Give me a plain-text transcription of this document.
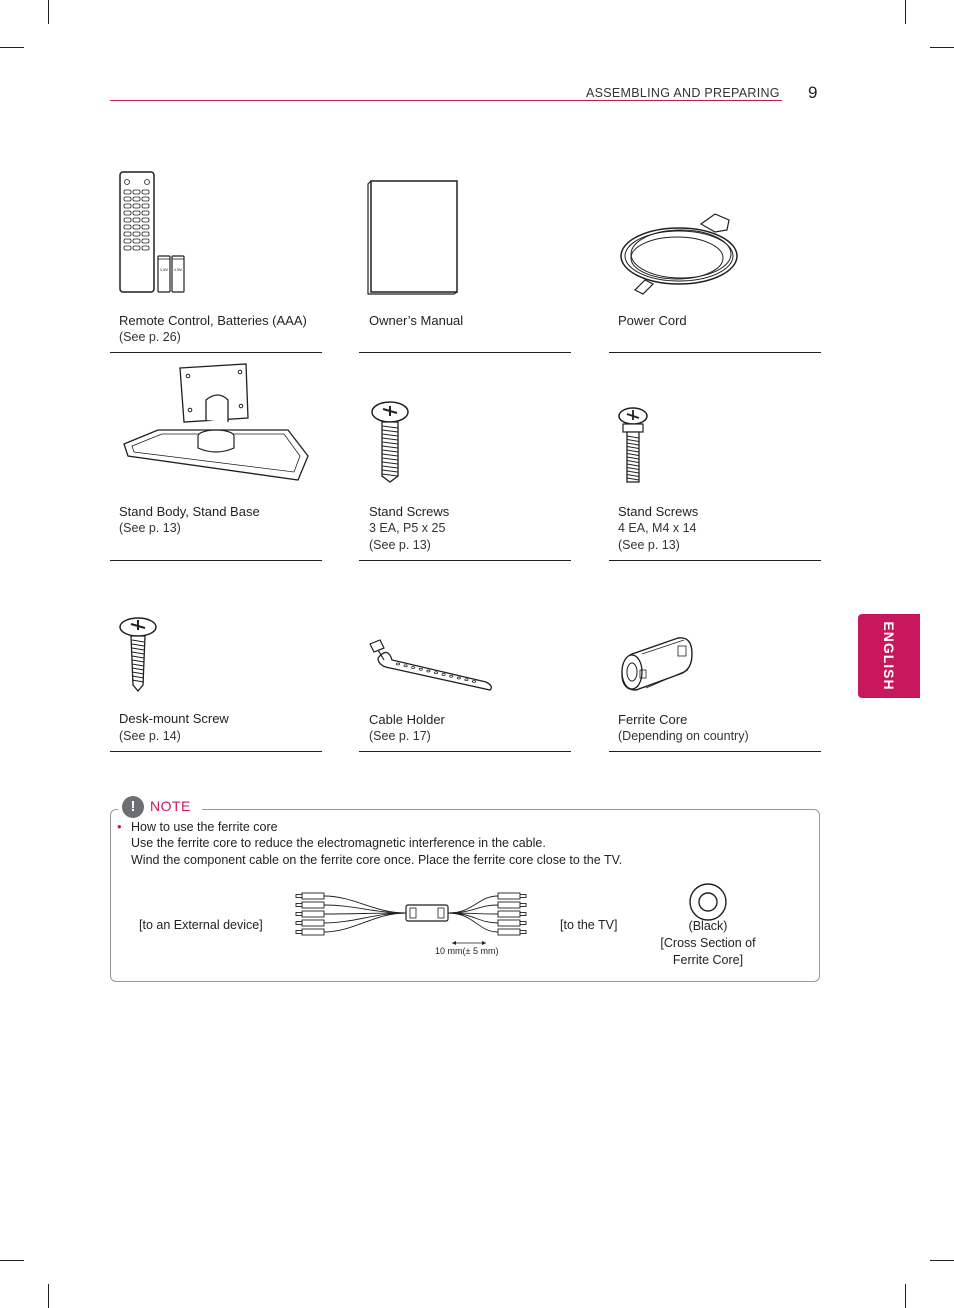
ASSEMBLING AND PREPARING 9
ENGLISH
1.5V 1.5V
Remote Control, Batteries (AAA)
(See p. 26)
Owner’s Manual	Power Cord
Stand Body, Stand Base
(See p. 13)
Stand Screws
3 EA, P5 x 25
(See p. 13)
Stand Screws
4 EA, M4 x 14
(See p. 13)
Desk-mount Screw
(See p. 14)
Cable Holder
(See p. 17)
Ferrite Core
(Depending on country)
!	NOTE
• How to use the ferrite core
Use the ferrite core to reduce the electromagnetic interference in the cable.
Wind the component cable on the ferrite core once. Place the ferrite core close to the TV.
[to an External device]	[to the TV]
10 mm(± 5 mm)
(Black)
[Cross Section of
Ferrite Core]
